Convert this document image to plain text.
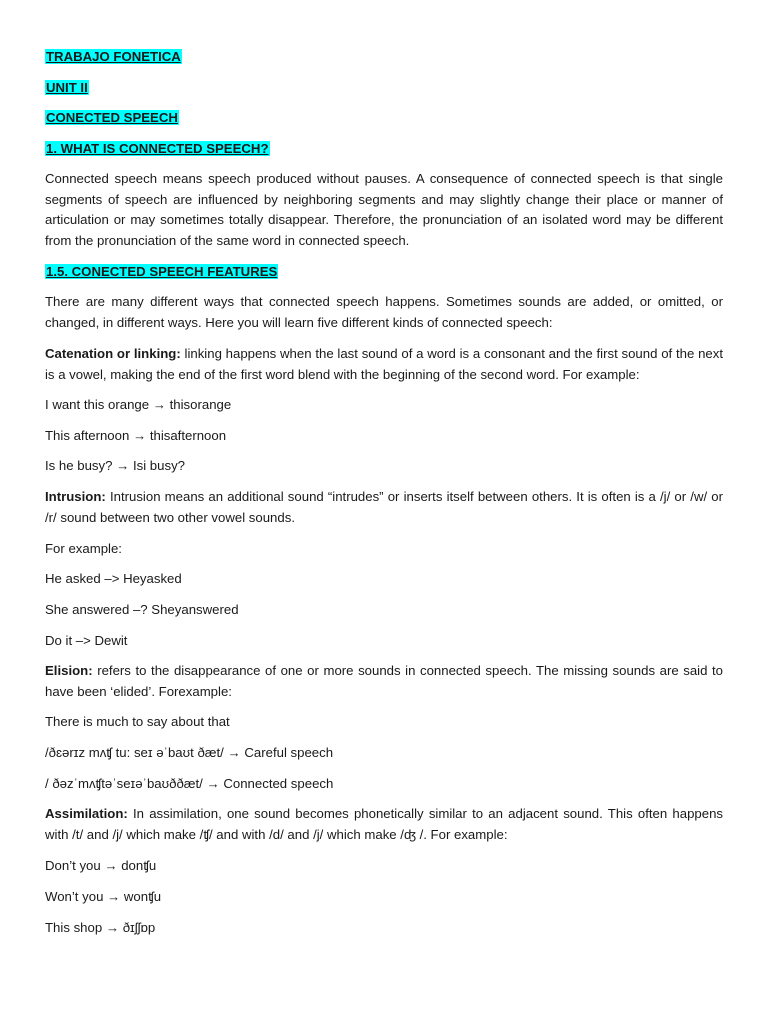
TRABAJO FONETICA
UNIT II
CONECTED SPEECH
1. WHAT IS CONNECTED SPEECH?
Connected speech means speech produced without pauses. A consequence of connected speech is that single segments of speech are influenced by neighboring segments and may slightly change their place or manner of articulation or may sometimes totally disappear. Therefore, the pronunciation of an isolated word may be different from the pronunciation of the same word in connected speech.
1.5. CONECTED SPEECH FEATURES
There are many different ways that connected speech happens. Sometimes sounds are added, or omitted, or changed, in different ways. Here you will learn five different kinds of connected speech:
Catenation or linking: linking happens when the last sound of a word is a consonant and the first sound of the next is a vowel, making the end of the first word blend with the beginning of the second word. For example:
I want this orange → thisorange
This afternoon → thisafternoon
Is he busy? → Isi busy?
Intrusion: Intrusion means an additional sound “intrudes” or inserts itself between others. It is often is a /j/ or /w/ or /r/ sound between two other vowel sounds.
For example:
He asked –> Heyasked
She answered –? Sheyanswered
Do it –> Dewit
Elision: refers to the disappearance of one or more sounds in connected speech. The missing sounds are said to have been ‘elided’. Forexample:
There is much to say about that
/ðɛərɪz mʌʧ tu: seɪ əˈbaʊt ðæt/ → Careful speech
/ ðəzˈmʌʧtəˈseɪəˈbaʊððæt/ → Connected speech
Assimilation: In assimilation, one sound becomes phonetically similar to an adjacent sound. This often happens with /t/ and /j/ which make /ʧ/ and with /d/ and /j/ which make /ʤ /. For example:
Don’t you → donʧu
Won’t you → wonʧu
This shop → ðɪʃʃɒp
